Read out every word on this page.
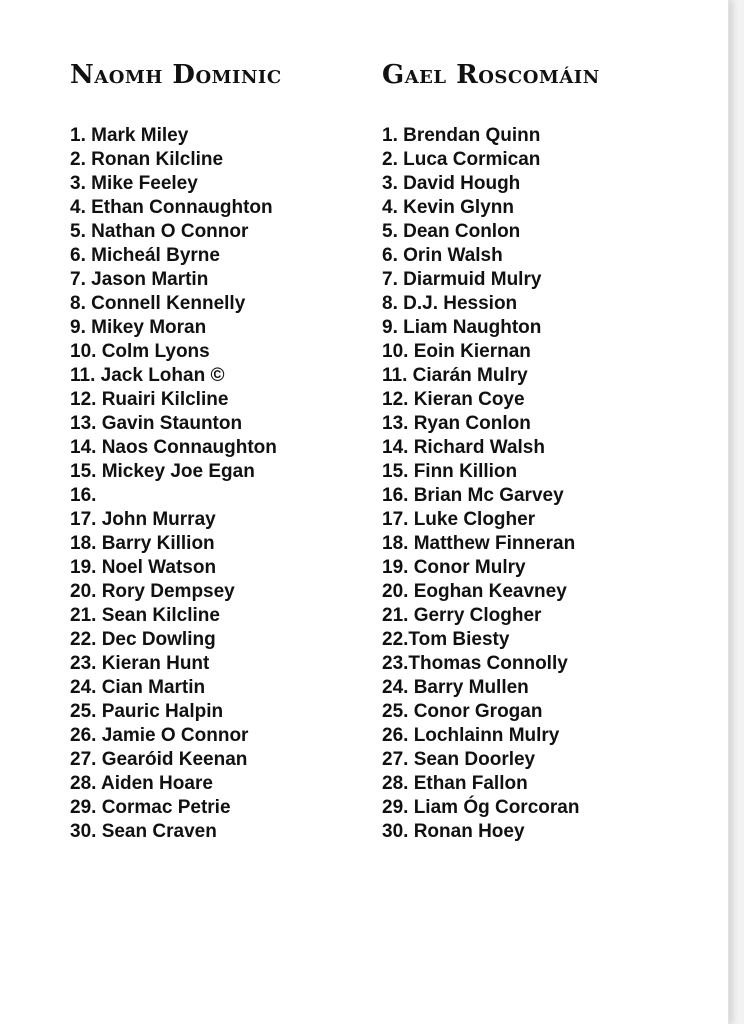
Naomh Dominic
1. Mark Miley
2. Ronan Kilcline
3. Mike Feeley
4. Ethan Connaughton
5. Nathan O Connor
6. Micheál Byrne
7. Jason Martin
8. Connell Kennelly
9. Mikey Moran
10. Colm Lyons
11. Jack Lohan ©
12. Ruairi Kilcline
13. Gavin Staunton
14. Naos Connaughton
15. Mickey Joe Egan
16.
17. John Murray
18. Barry Killion
19. Noel Watson
20. Rory Dempsey
21. Sean Kilcline
22. Dec Dowling
23. Kieran Hunt
24. Cian Martin
25. Pauric Halpin
26. Jamie O Connor
27. Gearóid Keenan
28. Aiden Hoare
29. Cormac Petrie
30. Sean Craven
Gael Roscomáin
1. Brendan Quinn
2. Luca Cormican
3. David Hough
4. Kevin Glynn
5. Dean Conlon
6. Orin Walsh
7. Diarmuid Mulry
8. D.J. Hession
9. Liam Naughton
10. Eoin Kiernan
11. Ciarán Mulry
12. Kieran Coye
13. Ryan Conlon
14. Richard Walsh
15. Finn Killion
16. Brian Mc Garvey
17. Luke Clogher
18. Matthew Finneran
19. Conor Mulry
20. Eoghan Keavney
21. Gerry Clogher
22.Tom Biesty
23.Thomas Connolly
24. Barry Mullen
25. Conor Grogan
26. Lochlainn Mulry
27. Sean Doorley
28. Ethan Fallon
29. Liam Óg Corcoran
30. Ronan Hoey
